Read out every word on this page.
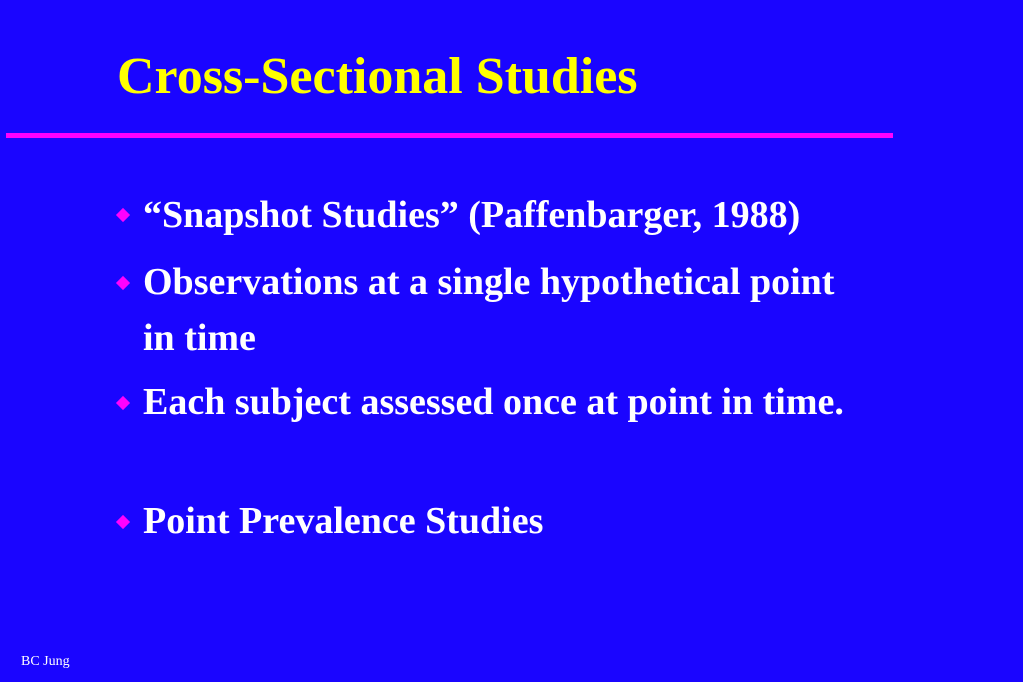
Cross-Sectional Studies
“Snapshot Studies” (Paffenbarger, 1988)
Observations at a single hypothetical point in time
Each subject assessed once at point in time.
Point Prevalence Studies
BC Jung
